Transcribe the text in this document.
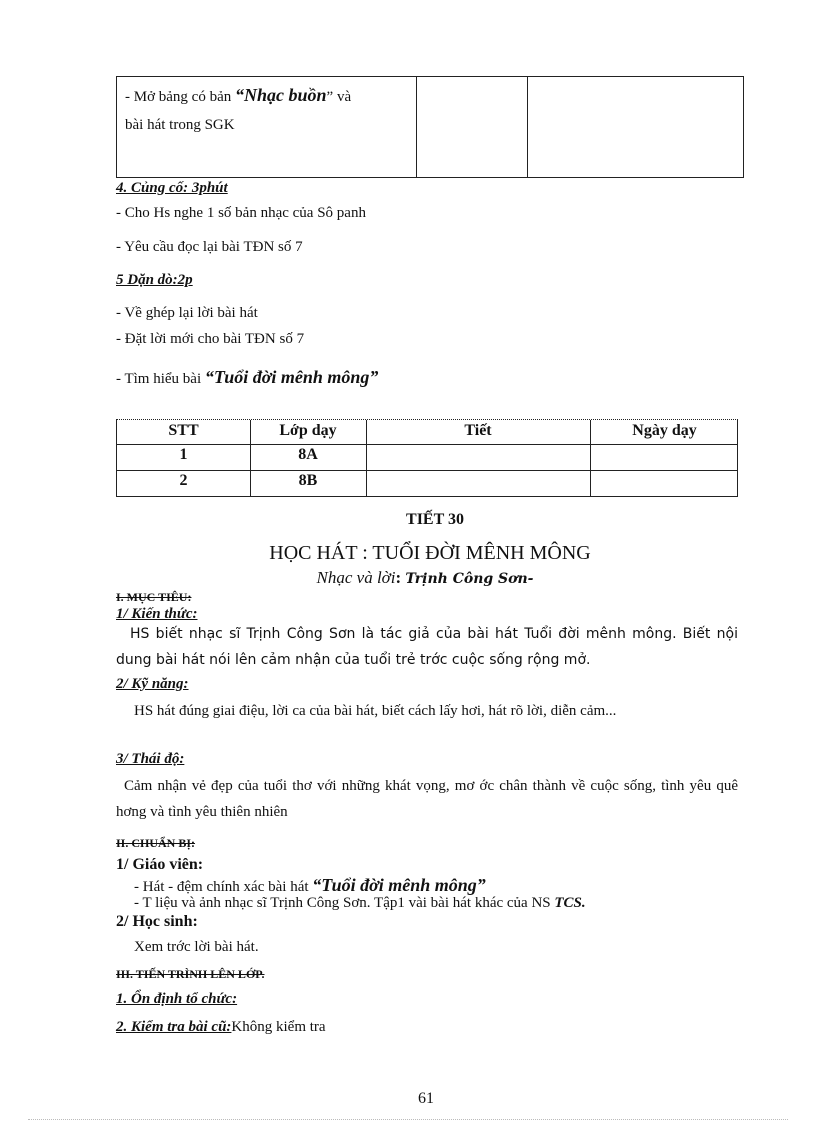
- Mở bảng có bản “Nhạc buồn” và
bài hát trong SGK
4. Củng cố: 3phút
- Cho Hs nghe 1 số bản nhạc của Sô panh
- Yêu cầu đọc lại bài TĐN số 7
5 Dặn dò:2p
- Về ghép lại lời bài hát
- Đặt lời mới cho bài TĐN số 7
- Tìm hiểu bài “Tuổi đời mênh mông”
STT	Lớp dạy	Tiết	Ngày dạy
1	8A
2	8B
TIẾT 30
HỌC HÁT : TUỔI ĐỜI MÊNH MÔNG
Nhạc và lời: Trịnh Công Sơn-
I. MỤC TIÊU:
1/ Kiến thức:
HS biết nhạc sĩ Trịnh Công Sơn là tác giả của bài hát Tuổi đời mênh mông. Biết nội dung bài hát nói lên cảm nhận của tuổi trẻ trớc cuộc sống rộng mở.
2/ Kỹ năng:
HS hát đúng giai điệu, lời ca của bài hát, biết cách lấy hơi, hát rõ lời, diễn cảm...
3/ Thái độ:
Cảm nhận vẻ đẹp của tuổi thơ với những khát vọng, mơ ớc chân thành về cuộc sống, tình yêu quê hơng và tình yêu thiên nhiên
II. CHUẨN BỊ:
1/ Giáo viên:
- Hát - đệm chính xác bài hát “Tuổi đời mênh mông”
- T liệu và ảnh nhạc sĩ Trịnh Công Sơn. Tập1 vài bài hát khác của NS TCS.
2/ Học sinh:
Xem trớc lời bài hát.
III. TIẾN TRÌNH LÊN LỚP.
1. Ổn định tổ chức:
2. Kiểm tra bài cũ:Không kiểm tra
61
